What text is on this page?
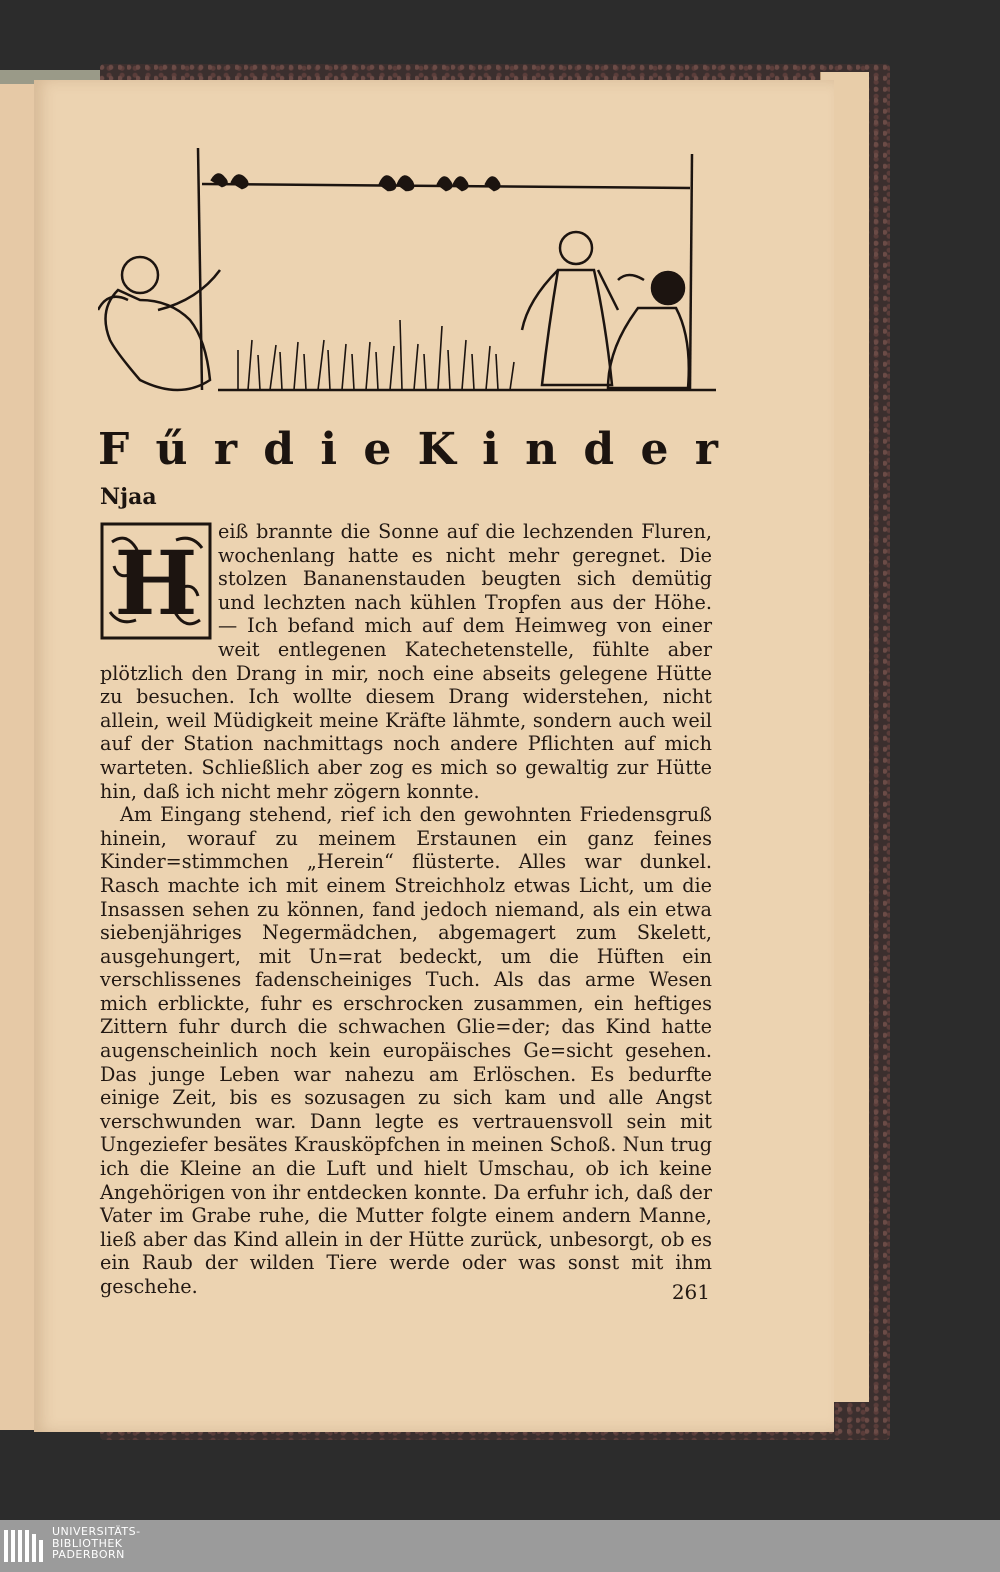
F ű r d i e K i n d e r
Njaa
H	eiß brannte die Sonne auf die lechzenden Fluren, wochenlang hatte es nicht mehr geregnet. Die stolzen Bananenstauden beugten sich demütig und lechzten nach kühlen Tropfen aus der Höhe. — Ich befand mich auf dem Heimweg von einer weit entlegenen Katechetenstelle, fühlte aber plötzlich den Drang in mir, noch eine abseits gelegene Hütte zu besuchen. Ich wollte diesem Drang widerstehen, nicht allein, weil Müdigkeit meine Kräfte lähmte, sondern auch weil auf der Station nachmittags noch andere Pflichten auf mich warteten. Schließlich aber zog es mich so gewaltig zur Hütte hin, daß ich nicht mehr zögern konnte.

Am Eingang stehend, rief ich den gewohnten Friedensgruß hinein, worauf zu meinem Erstaunen ein ganz feines Kinder=stimmchen „Herein“ flüsterte. Alles war dunkel. Rasch machte ich mit einem Streichholz etwas Licht, um die Insassen sehen zu können, fand jedoch niemand, als ein etwa siebenjähriges Negermädchen, abgemagert zum Skelett, ausgehungert, mit Un=rat bedeckt, um die Hüften ein verschlissenes fadenscheiniges Tuch. Als das arme Wesen mich erblickte, fuhr es erschrocken zusammen, ein heftiges Zittern fuhr durch die schwachen Glie=der; das Kind hatte augenscheinlich noch kein europäisches Ge=sicht gesehen. Das junge Leben war nahezu am Erlöschen. Es bedurfte einige Zeit, bis es sozusagen zu sich kam und alle Angst verschwunden war. Dann legte es vertrauensvoll sein mit Ungeziefer besätes Krausköpfchen in meinen Schoß. Nun trug ich die Kleine an die Luft und hielt Umschau, ob ich keine Angehörigen von ihr entdecken konnte. Da erfuhr ich, daß der Vater im Grabe ruhe, die Mutter folgte einem andern Manne, ließ aber das Kind allein in der Hütte zurück, unbesorgt, ob es ein Raub der wilden Tiere werde oder was sonst mit ihm geschehe.	261
UNIVERSITÄTS-
BIBLIOTHEK
PADERBORN
